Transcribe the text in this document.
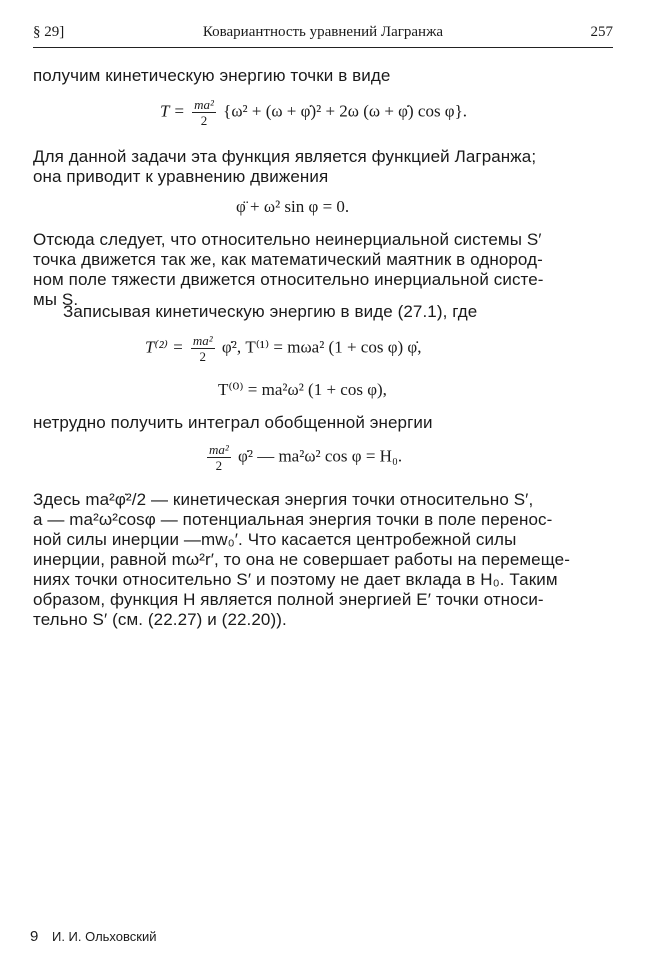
§ 29]	Ковариантность уравнений Лагранжа	257
получим кинетическую энергию точки в виде
$T = \frac{\text{ma²}}{2} \{\omega^2 + (\omega$ + φ̇)² + 2ω (ω + φ̇) cos φ}.
Для данной задачи эта функция является функцией Лагранжа;
она приводит к уравнению движения
φ̈ + ω² sin φ = 0.
Отсюда следует, что относительно неинерциальной системы S′
точка движется так же, как математический маятник в однород-
ном поле тяжести движется относительно инерциальной систе-
мы S.
Записывая кинетическую энергию в виде (27.1), где
$T^{(2)} = \frac{\text{ma²}}{2}$ φ̇², T⁽¹⁾ = mωa² (1 + cos φ) φ̇,
T⁽⁰⁾ = ma²ω² (1 + cos φ),
нетрудно получить интеграл обобщенной энергии
$\frac{\text{ma²}}{2}$ φ̇² — ma²ω² cos φ = H₀.
Здесь ma²φ̇²/2 — кинетическая энергия точки относительно S′,
а — ma²ω²cosφ — потенциальная энергия точки в поле перенос-
ной силы инерции —mw₀′. Что касается центробежной силы
инерции, равной mω²r′, то она не совершает работы на перемеще-
ниях точки относительно S′ и поэтому не дает вклада в H₀. Таким
образом, функция H является полной энергией E′ точки относи-
тельно S′ (см. (22.27) и (22.20)).
9 И. И. Ольховский
